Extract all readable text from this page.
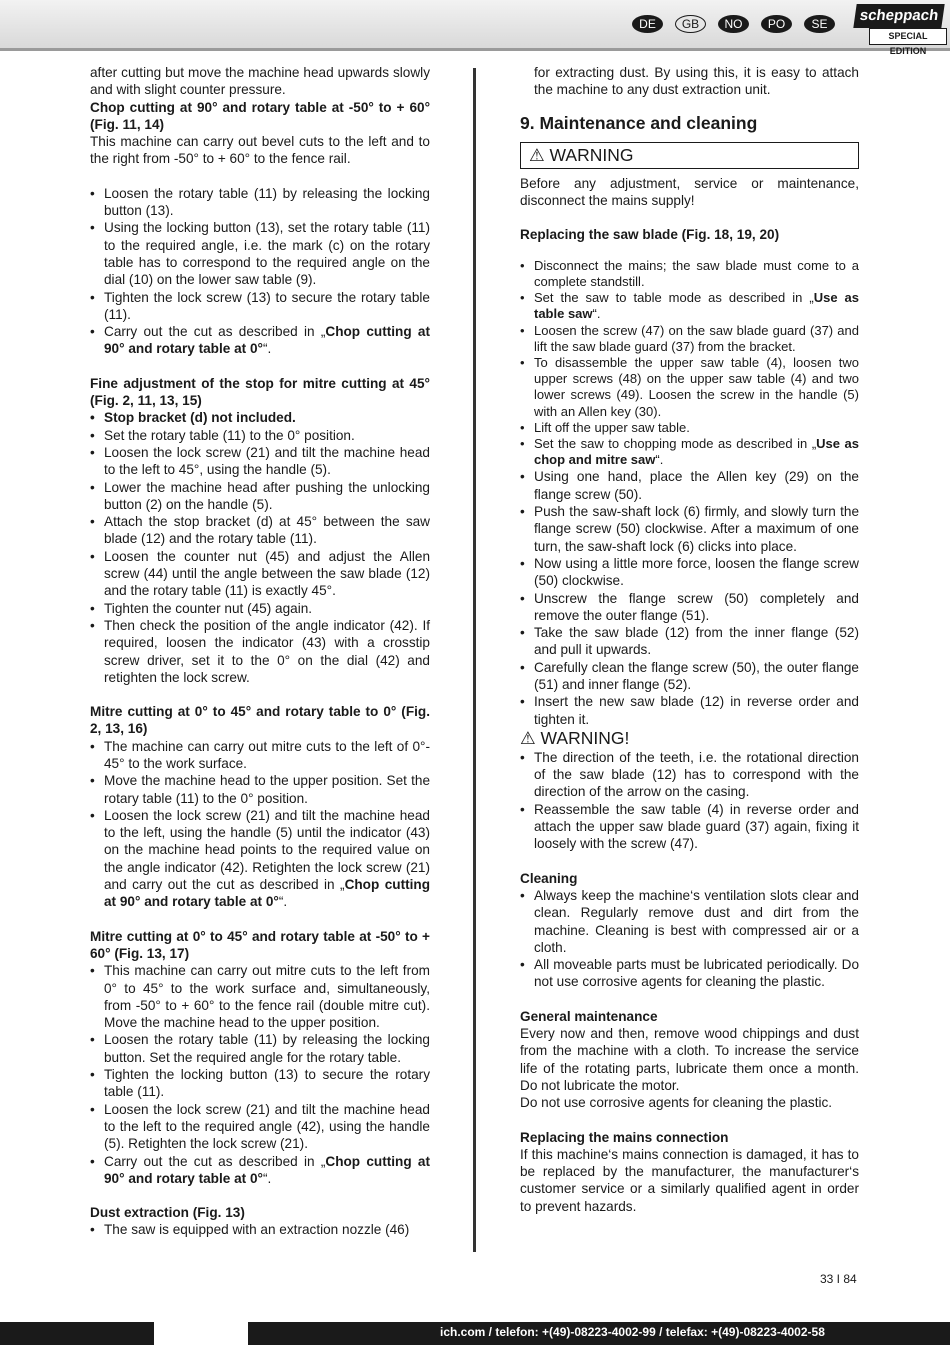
DE	GB	NO	PO	SE	scheppach
SPECIAL EDITION

after cutting but move the machine head upwards slowly and with slight counter pressure.

Chop cutting at 90° and rotary table at -50° to + 60° (Fig. 11, 14)

This machine can carry out bevel cuts to the left and to the right from -50° to + 60° to the fence rail.

• Loosen the rotary table (11) by releasing the locking button (13).
• Using the locking button (13), set the rotary table (11) to the required angle, i.e. the mark (c) on the rotary table has to correspond to the required angle on the dial (10) on the lower saw table (9).
• Tighten the lock screw (13) to secure the rotary table (11).
• Carry out the cut as described in „Chop cutting at 90° and rotary table at 0°“.

Fine adjustment of the stop for mitre cutting at 45° (Fig. 2, 11, 13, 15)

• Stop bracket (d) not included.
• Set the rotary table (11) to the 0° position.
• Loosen the lock screw (21) and tilt the machine head to the left to 45°, using the handle (5).
• Lower the machine head after pushing the unlocking button (2) on the handle (5).
• Attach the stop bracket (d) at 45° between the saw blade (12) and the rotary table (11).
• Loosen the counter nut (45) and adjust the Allen screw (44) until the angle between the saw blade (12) and the rotary table (11) is exactly 45°.
• Tighten the counter nut (45) again.
• Then check the position of the angle indicator (42). If required, loosen the indicator (43) with a crosstip screw driver, set it to the 0° on the dial (42) and retighten the lock screw.

Mitre cutting at 0° to 45° and rotary table to 0° (Fig. 2, 13, 16)

• The machine can carry out mitre cuts to the left of 0°- 45° to the work surface.
• Move the machine head to the upper position. Set the rotary table (11) to the 0° position.
• Loosen the lock screw (21) and tilt the machine head to the left, using the handle (5) until the indicator (43) on the machine head points to the required value on the angle indicator (42). Retighten the lock screw (21) and carry out the cut as described in „Chop cutting at 90° and rotary table at 0°“.

Mitre cutting at 0° to 45° and rotary table at -50° to + 60° (Fig. 13, 17)

• This machine can carry out mitre cuts to the left from 0° to 45° to the work surface and, simultaneously, from -50° to + 60° to the fence rail (double mitre cut). Move the machine head to the upper position.
• Loosen the rotary table (11) by releasing the locking button. Set the required angle for the rotary table.
• Tighten the locking button (13) to secure the rotary table (11).
• Loosen the lock screw (21) and tilt the machine head to the left to the required angle (42), using the handle (5). Retighten the lock screw (21).
• Carry out the cut as described in „Chop cutting at 90° and rotary table at 0°“.

Dust extraction (Fig. 13)

• The saw is equipped with an extraction nozzle (46)

for extracting dust. By using this, it is easy to attach the machine to any dust extraction unit.

9. Maintenance and cleaning
⚠ WARNING

Before any adjustment, service or maintenance, disconnect the mains supply!

Replacing the saw blade (Fig. 18, 19, 20)

• Disconnect the mains; the saw blade must come to a complete standstill.
• Set the saw to table mode as described in „Use as table saw“.
• Loosen the screw (47) on the saw blade guard (37) and lift the saw blade guard (37) from the bracket.
• To disassemble the upper saw table (4), loosen two upper screws (48) on the upper saw table (4) and two lower screws (49). Loosen the screw in the handle (5) with an Allen key (30).
• Lift off the upper saw table.
• Set the saw to chopping mode as described in „Use as chop and mitre saw“.
• Using one hand, place the Allen key (29) on the flange screw (50).
• Push the saw-shaft lock (6) firmly, and slowly turn the flange screw (50) clockwise. After a maximum of one turn, the saw-shaft lock (6) clicks into place.
• Now using a little more force, loosen the flange screw (50) clockwise.
• Unscrew the flange screw (50) completely and remove the outer flange (51).
• Take the saw blade (12) from the inner flange (52) and pull it upwards.
• Carefully clean the flange screw (50), the outer flange (51) and inner flange (52).
• Insert the new saw blade (12) in reverse order and tighten it.
⚠ WARNING!
• The direction of the teeth, i.e. the rotational direction of the saw blade (12) has to correspond with the direction of the arrow on the casing.
• Reassemble the saw table (4) in reverse order and attach the upper saw blade guard (37) again, fixing it loosely with the screw (47).

Cleaning

• Always keep the machine‘s ventilation slots clear and clean. Regularly remove dust and dirt from the machine. Cleaning is best with compressed air or a cloth.
• All moveable parts must be lubricated periodically. Do not use corrosive agents for cleaning the plastic.

General maintenance

Every now and then, remove wood chippings and dust from the machine with a cloth. To increase the service life of the rotating parts, lubricate them once a month. Do not lubricate the motor.

Do not use corrosive agents for cleaning the plastic.

Replacing the mains connection

If this machine‘s mains connection is damaged, it has to be replaced by the manufacturer, the manufacturer‘s customer service or a similarly qualified agent in order to prevent hazards.

33 I 84
ich.com / telefon: +(49)-08223-4002-99 / telefax: +(49)-08223-4002-58
